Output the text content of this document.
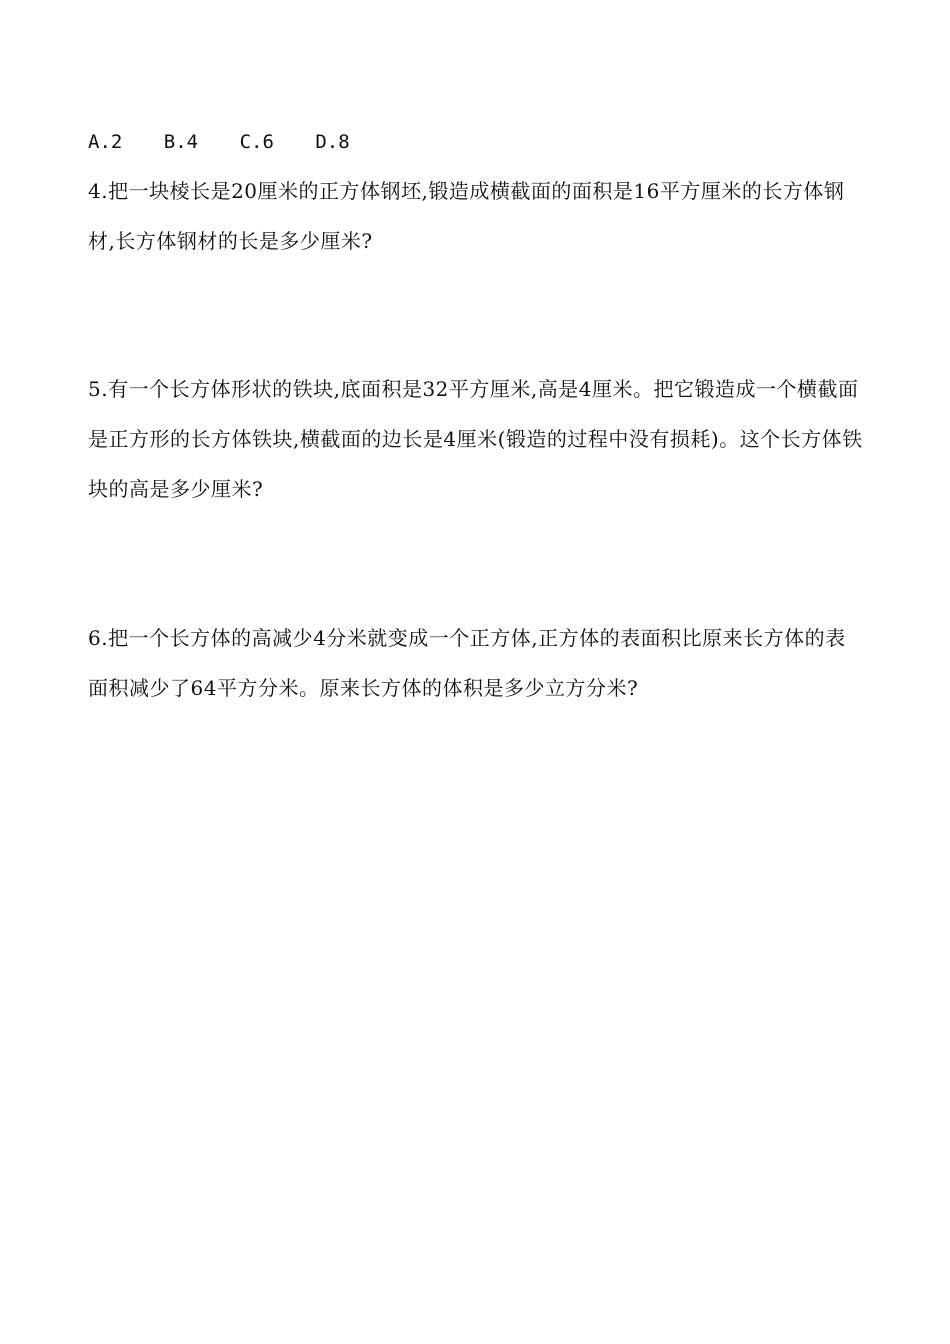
A.2 B.4 C.6 D.8
4.把一块棱长是20厘米的正方体钢坯,锻造成横截面的面积是16平方厘米的长方体钢材,长方体钢材的长是多少厘米?
5.有一个长方体形状的铁块,底面积是32平方厘米,高是4厘米。把它锻造成一个横截面是正方形的长方体铁块,横截面的边长是4厘米(锻造的过程中没有损耗)。这个长方体铁块的高是多少厘米?
6.把一个长方体的高减少4分米就变成一个正方体,正方体的表面积比原来长方体的表面积减少了64平方分米。原来长方体的体积是多少立方分米?
